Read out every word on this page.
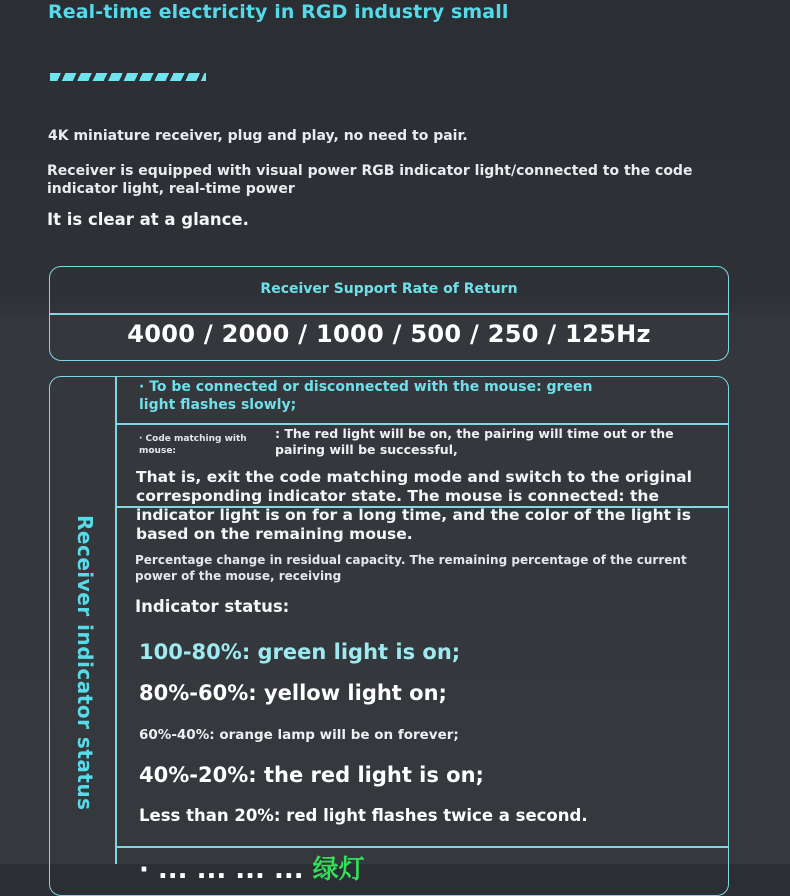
Real-time electricity in RGD industry small
4K miniature receiver, plug and play, no need to pair.
Receiver is equipped with visual power RGB indicator light/connected to the code indicator light, real-time power
It is clear at a glance.
Receiver Support Rate of Return
4000 / 2000 / 1000 / 500 / 250 / 125Hz
Receiver indicator status
· To be connected or disconnected with the mouse: green light flashes slowly;
· Code matching with mouse:
: The red light will be on, the pairing will time out or the pairing will be successful,
That is, exit the code matching mode and switch to the original corresponding indicator state. The mouse is connected: the indicator light is on for a long time, and the color of the light is based on the remaining mouse.
Percentage change in residual capacity. The remaining percentage of the current power of the mouse, receiving
Indicator status:
100-80%: green light is on;
80%-60%: yellow light on;
60%-40%: orange lamp will be on forever;
40%-20%: the red light is on;
Less than 20%: red light flashes twice a second.
· ... ... ... ... 绿灯
